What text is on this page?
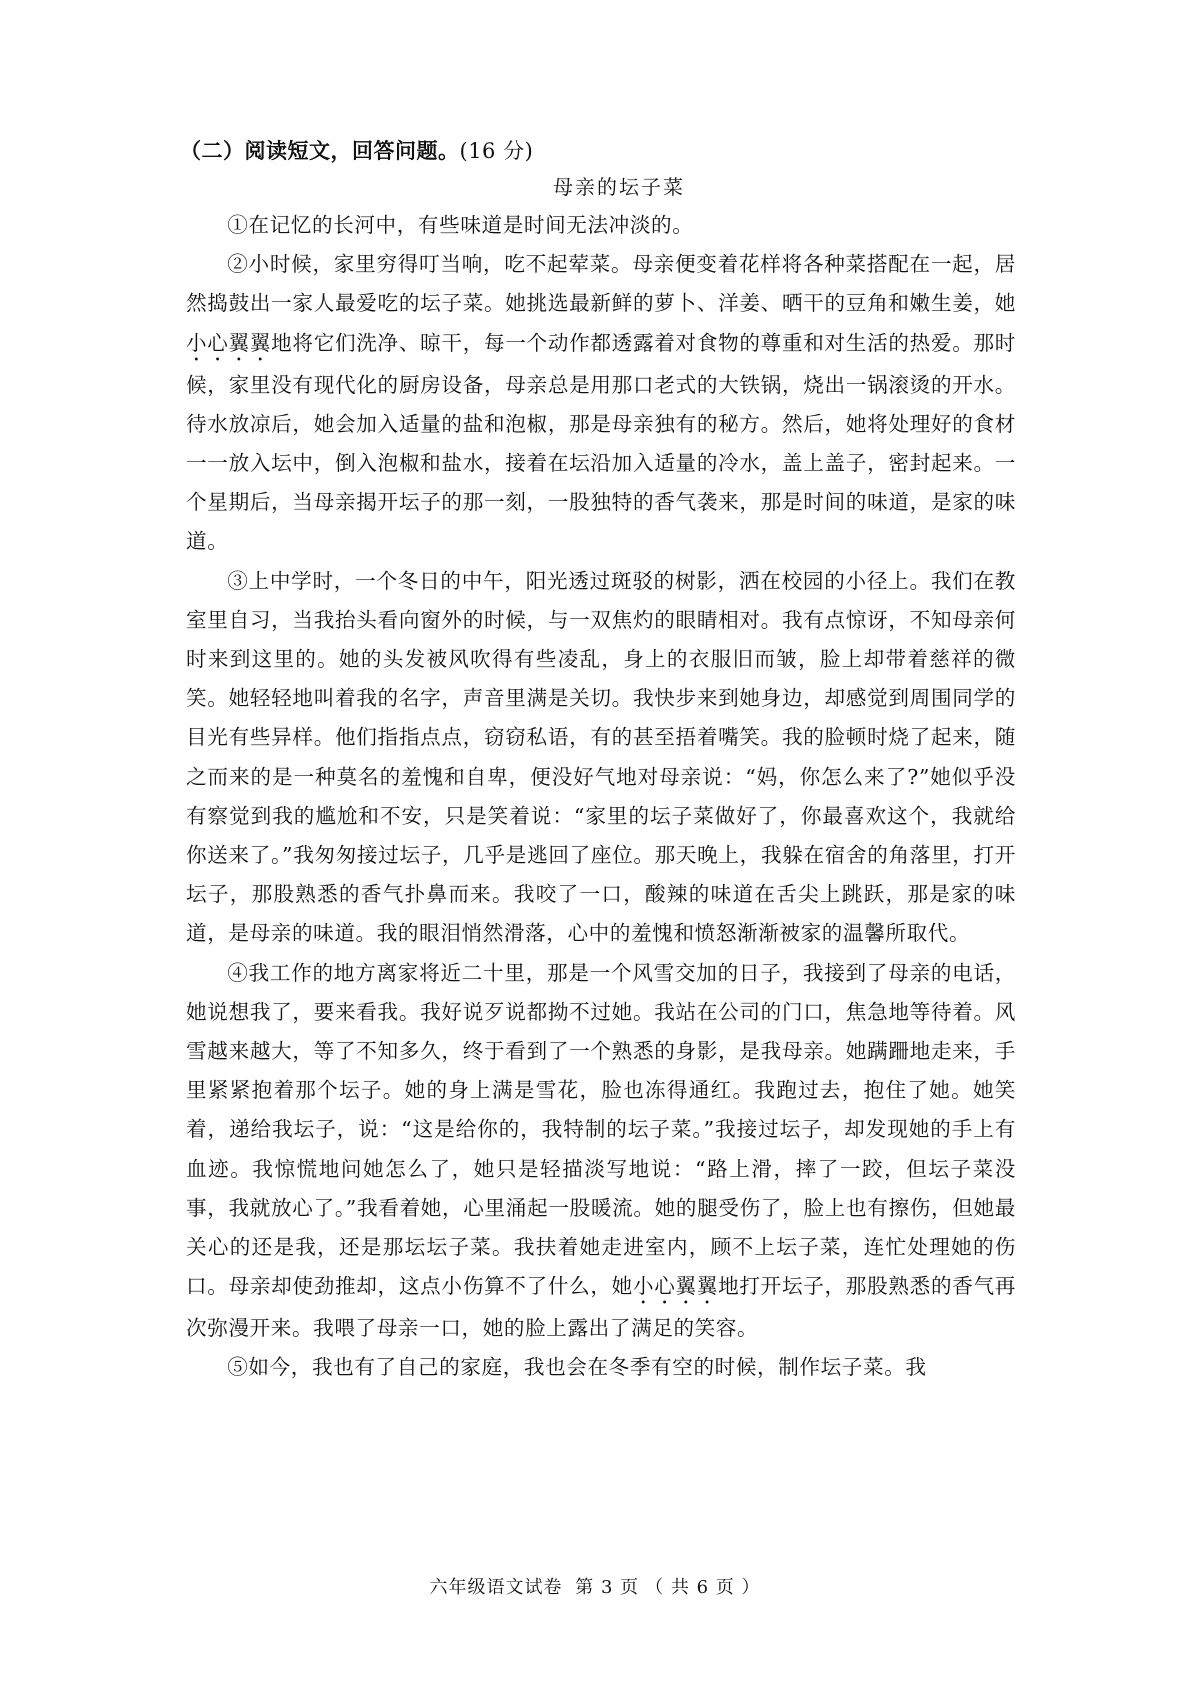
（二）阅读短文，回答问题。(16 分)
母亲的坛子菜

①在记忆的长河中，有些味道是时间无法冲淡的。

②小时候，家里穷得叮当响，吃不起荤菜。母亲便变着花样将各种菜搭配在一起，居然捣鼓出一家人最爱吃的坛子菜。她挑选最新鲜的萝卜、洋姜、晒干的豆角和嫩生姜，她小心翼翼地将它们洗净、晾干，每一个动作都透露着对食物的尊重和对生活的热爱。那时候，家里没有现代化的厨房设备，母亲总是用那口老式的大铁锅，烧出一锅滚烫的开水。待水放凉后，她会加入适量的盐和泡椒，那是母亲独有的秘方。然后，她将处理好的食材一一放入坛中，倒入泡椒和盐水，接着在坛沿加入适量的冷水，盖上盖子，密封起来。一个星期后，当母亲揭开坛子的那一刻，一股独特的香气袭来，那是时间的味道，是家的味道。

③上中学时，一个冬日的中午，阳光透过斑驳的树影，洒在校园的小径上。我们在教室里自习，当我抬头看向窗外的时候，与一双焦灼的眼睛相对。我有点惊讶，不知母亲何时来到这里的。她的头发被风吹得有些凌乱，身上的衣服旧而皱，脸上却带着慈祥的微笑。她轻轻地叫着我的名字，声音里满是关切。我快步来到她身边，却感觉到周围同学的目光有些异样。他们指指点点，窃窃私语，有的甚至捂着嘴笑。我的脸顿时烧了起来，随之而来的是一种莫名的羞愧和自卑，便没好气地对母亲说：“妈，你怎么来了?”她似乎没有察觉到我的尴尬和不安，只是笑着说：“家里的坛子菜做好了，你最喜欢这个，我就给你送来了。”我匆匆接过坛子，几乎是逃回了座位。那天晚上，我躲在宿舍的角落里，打开坛子，那股熟悉的香气扑鼻而来。我咬了一口，酸辣的味道在舌尖上跳跃，那是家的味道，是母亲的味道。我的眼泪悄然滑落，心中的羞愧和愤怒渐渐被家的温馨所取代。

④我工作的地方离家将近二十里，那是一个风雪交加的日子，我接到了母亲的电话，她说想我了，要来看我。我好说歹说都拗不过她。我站在公司的门口，焦急地等待着。风雪越来越大，等了不知多久，终于看到了一个熟悉的身影，是我母亲。她蹒跚地走来，手里紧紧抱着那个坛子。她的身上满是雪花，脸也冻得通红。我跑过去，抱住了她。她笑着，递给我坛子，说：“这是给你的，我特制的坛子菜。”我接过坛子，却发现她的手上有血迹。我惊慌地问她怎么了，她只是轻描淡写地说：“路上滑，摔了一跤，但坛子菜没事，我就放心了。”我看着她，心里涌起一股暖流。她的腿受伤了，脸上也有擦伤，但她最关心的还是我，还是那坛坛子菜。我扶着她走进室内，顾不上坛子菜，连忙处理她的伤口。母亲却使劲推却，这点小伤算不了什么，她小心翼翼地打开坛子，那股熟悉的香气再次弥漫开来。我喂了母亲一口，她的脸上露出了满足的笑容。

⑤如今，我也有了自己的家庭，我也会在冬季有空的时候，制作坛子菜。我

六年级语文试卷 第 3 页 （ 共 6 页 ）
